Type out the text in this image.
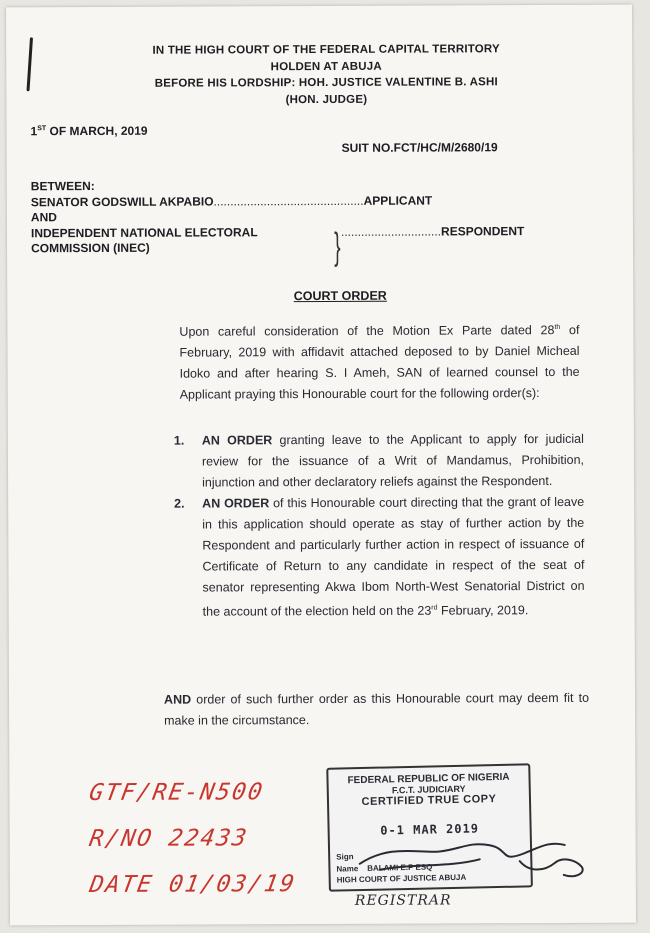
IN THE HIGH COURT OF THE FEDERAL CAPITAL TERRITORY
HOLDEN AT ABUJA
BEFORE HIS LORDSHIP: HOH. JUSTICE VALENTINE B. ASHI
(HON. JUDGE)
1ST OF MARCH, 2019
SUIT NO.FCT/HC/M/2680/19
BETWEEN:
SENATOR GODSWILL AKPABIO.............................................APPLICANT
AND
INDEPENDENT NATIONAL ELECTORAL	..............................RESPONDENT
COMMISSION (INEC)	}
COURT ORDER
Upon careful consideration of the Motion Ex Parte dated 28th of February, 2019 with affidavit attached deposed to by Daniel Micheal Idoko and after hearing S. I Ameh, SAN of learned counsel to the Applicant praying this Honourable court for the following order(s):
1. AN ORDER granting leave to the Applicant to apply for judicial review for the issuance of a Writ of Mandamus, Prohibition, injunction and other declaratory reliefs against the Respondent.
2. AN ORDER of this Honourable court directing that the grant of leave in this application should operate as stay of further action by the Respondent and particularly further action in respect of issuance of Certificate of Return to any candidate in respect of the seat of senator representing Akwa Ibom North-West Senatorial District on the account of the election held on the 23rd February, 2019.
AND order of such further order as this Honourable court may deem fit to make in the circumstance.
GTF/RE-N500
R/NO 22433
DATE 01/03/19
FEDERAL REPUBLIC OF NIGERIA
F.C.T. JUDICIARY
CERTIFIED TRUE COPY
0-1 MAR 2019
Sign
Name BALAMI E.P ESQ
HIGH COURT OF JUSTICE ABUJA
REGISTRAR
